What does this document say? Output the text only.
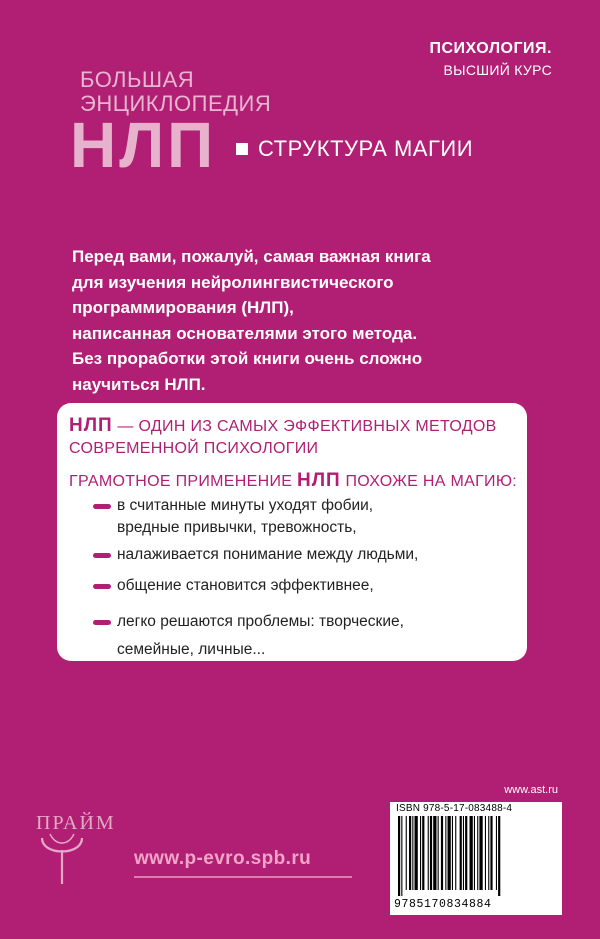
ПСИХОЛОГИЯ.
ВЫСШИЙ КУРС
БОЛЬШАЯ
ЭНЦИКЛОПЕДИЯ
НЛП СТРУКТУРА МАГИИ
Перед вами, пожалуй, самая важная книга
для изучения нейролингвистического
программирования (НЛП),
написанная основателями этого метода.
Без проработки этой книги очень сложно
научиться НЛП.
НЛП — ОДИН ИЗ САМЫХ ЭФФЕКТИВНЫХ МЕТОДОВ
СОВРЕМЕННОЙ ПСИХОЛОГИИ
ГРАМОТНОЕ ПРИМЕНЕНИЕ НЛП ПОХОЖЕ НА МАГИЮ:
в считанные минуты уходят фобии,
вредные привычки, тревожность,
налаживается понимание между людьми,
общение становится эффективнее,
легко решаются проблемы: творческие,
семейные, личные...
ПРАЙМ
www.p-evro.spb.ru
www.ast.ru
ISBN 978-5-17-083488-4
9785170834884
